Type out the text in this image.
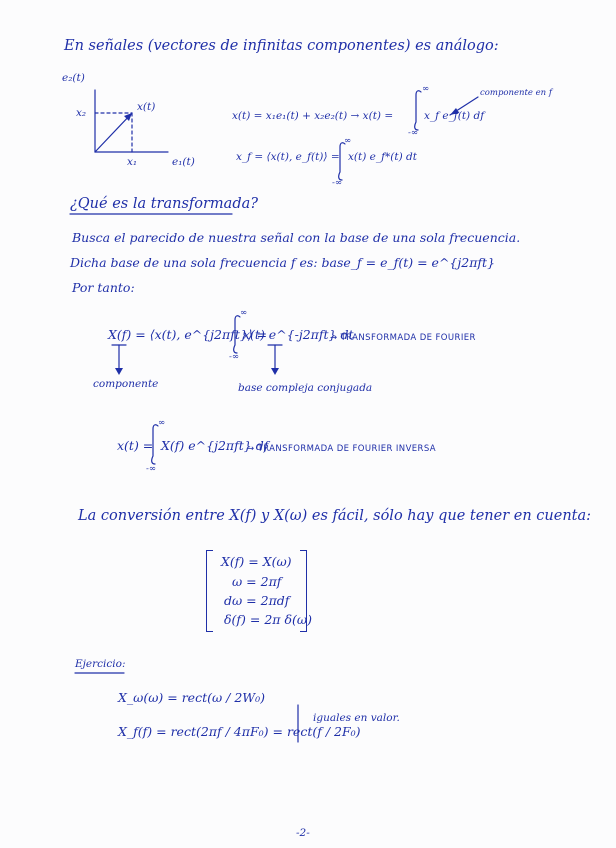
En señales (vectores de infinitas componentes) es análogo:
e₂(t)
x(t)
x₂
x₁	e₁(t)
x(t) = x₁e₁(t) + x₂e₂(t) → x(t) =
∞
-∞
x_f e_f(t) df
componente en f
x_f = ⟨x(t), e_f(t)⟩ =
∞
-∞
x(t) e_f*(t) dt
¿Qué es la transformada?
Busca el parecido de nuestra señal con la base de una sola frecuencia.
Dicha base de una sola frecuencia f es: base_f = e_f(t) = e^{j2πft}
Por tanto:
X(f) = ⟨x(t), e^{j2πft}⟩ =
∞
-∞
x(t) e^{-j2πft} dt
→ TRANSFORMADA DE FOURIER
componente	base compleja conjugada
x(t) =
∞
-∞
X(f) e^{j2πft} df
→ TRANSFORMADA DE FOURIER INVERSA
La conversión entre X(f) y X(ω) es fácil, sólo hay que tener en cuenta:
X(f) = X(ω)
ω = 2πf
dω = 2πdf
δ(f) = 2π δ(ω)
Ejercicio:
X_ω(ω) = rect(ω / 2W₀)
X_f(f) = rect(2πf / 4πF₀) = rect(f / 2F₀)
iguales en valor.
-2-
